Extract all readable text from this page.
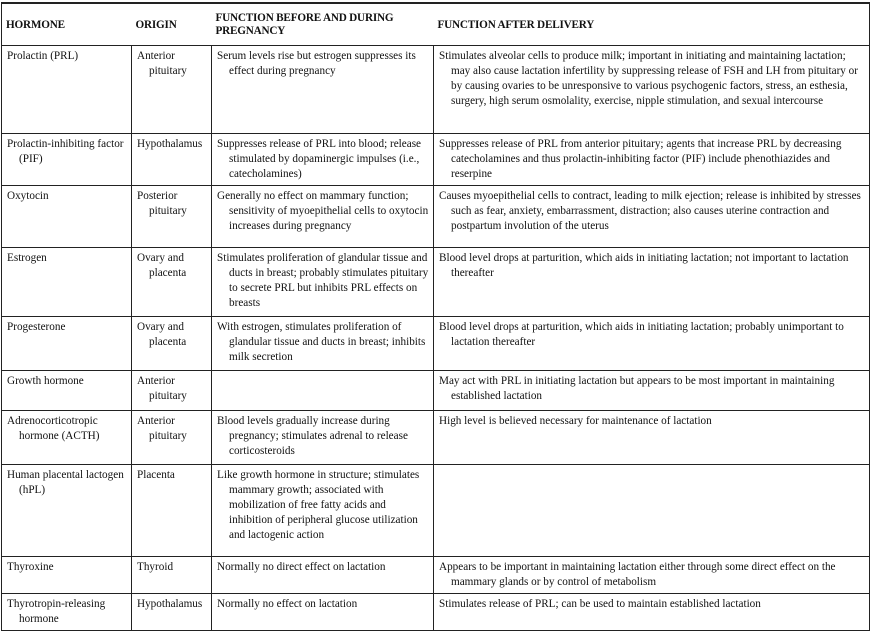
HORMONE	ORIGIN	FUNCTION BEFORE AND DURING PREGNANCY	FUNCTION AFTER DELIVERY

Prolactin (PRL)	Anterior pituitary	Serum levels rise but estrogen suppresses its effect during pregnancy	Stimulates alveolar cells to produce milk; important in initiating and maintaining lactation; may also cause lactation infertility by suppressing release of FSH and LH from pituitary or by causing ovaries to be unresponsive to various psychogenic factors, stress, an esthesia, surgery, high serum osmolality, exercise, nipple stimulation, and sexual intercourse

Prolactin-inhibiting factor (PIF)	Hypothalamus	Suppresses release of PRL into blood; release stimulated by dopaminergic impulses (i.e., catecholamines)	Suppresses release of PRL from anterior pituitary; agents that increase PRL by decreasing catecholamines and thus prolactin-inhibiting factor (PIF) include phenothiazides and reserpine

Oxytocin	Posterior pituitary	Generally no effect on mammary function; sensitivity of myoepithelial cells to oxytocin increases during pregnancy	Causes myoepithelial cells to contract, leading to milk ejection; release is inhibited by stresses such as fear, anxiety, embarrassment, distraction; also causes uterine contraction and postpartum involution of the uterus

Estrogen	Ovary and placenta	Stimulates proliferation of glandular tissue and ducts in breast; probably stimulates pituitary to secrete PRL but inhibits PRL effects on breasts	Blood level drops at parturition, which aids in initiating lactation; not important to lactation thereafter

Progesterone	Ovary and placenta	With estrogen, stimulates proliferation of glandular tissue and ducts in breast; inhibits milk secretion	Blood level drops at parturition, which aids in initiating lactation; probably unimportant to lactation thereafter

Growth hormone	Anterior pituitary		May act with PRL in initiating lactation but appears to be most important in maintaining established lactation

Adrenocorticotropic hormone (ACTH)	Anterior pituitary	Blood levels gradually increase during pregnancy; stimulates adrenal to release corticosteroids	High level is believed necessary for maintenance of lactation

Human placental lactogen (hPL)	Placenta	Like growth hormone in structure; stimulates mammary growth; associated with mobilization of free fatty acids and inhibition of peripheral glucose utilization and lactogenic action	

Thyroxine	Thyroid	Normally no direct effect on lactation	Appears to be important in maintaining lactation either through some direct effect on the mammary glands or by control of metabolism

Thyrotropin-releasing hormone	Hypothalamus	Normally no effect on lactation	Stimulates release of PRL; can be used to maintain established lactation
